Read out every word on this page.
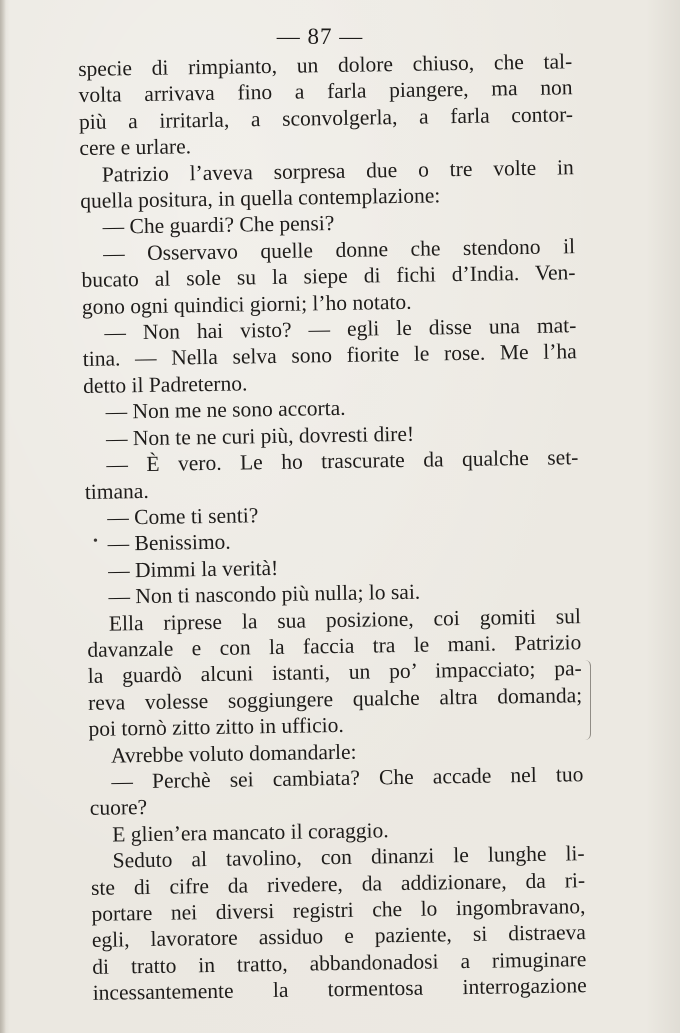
— 87 —
•
specie di rimpianto, un dolore chiuso, che tal-
volta arrivava fino a farla piangere, ma non
più a irritarla, a sconvolgerla, a farla contor-
cere e urlare.
Patrizio l’aveva sorpresa due o tre volte in
quella positura, in quella contemplazione:
— Che guardi? Che pensi?
— Osservavo quelle donne che stendono il
bucato al sole su la siepe di fichi d’India. Ven-
gono ogni quindici giorni; l’ho notato.
— Non hai visto? — egli le disse una mat-
tina. — Nella selva sono fiorite le rose. Me l’ha
detto il Padreterno.
— Non me ne sono accorta.
— Non te ne curi più, dovresti dire!
— È vero. Le ho trascurate da qualche set-
timana.
— Come ti senti?
— Benissimo.
— Dimmi la verità!
— Non ti nascondo più nulla; lo sai.
Ella riprese la sua posizione, coi gomiti sul
davanzale e con la faccia tra le mani. Patrizio
la guardò alcuni istanti, un po’ impacciato; pa-
reva volesse soggiungere qualche altra domanda;
poi tornò zitto zitto in ufficio.
Avrebbe voluto domandarle:
— Perchè sei cambiata? Che accade nel tuo
cuore?
E glien’era mancato il coraggio.
Seduto al tavolino, con dinanzi le lunghe li-
ste di cifre da rivedere, da addizionare, da ri-
portare nei diversi registri che lo ingombravano,
egli, lavoratore assiduo e paziente, si distraeva
di tratto in tratto, abbandonadosi a rimuginare
incessantemente la tormentosa interrogazione
